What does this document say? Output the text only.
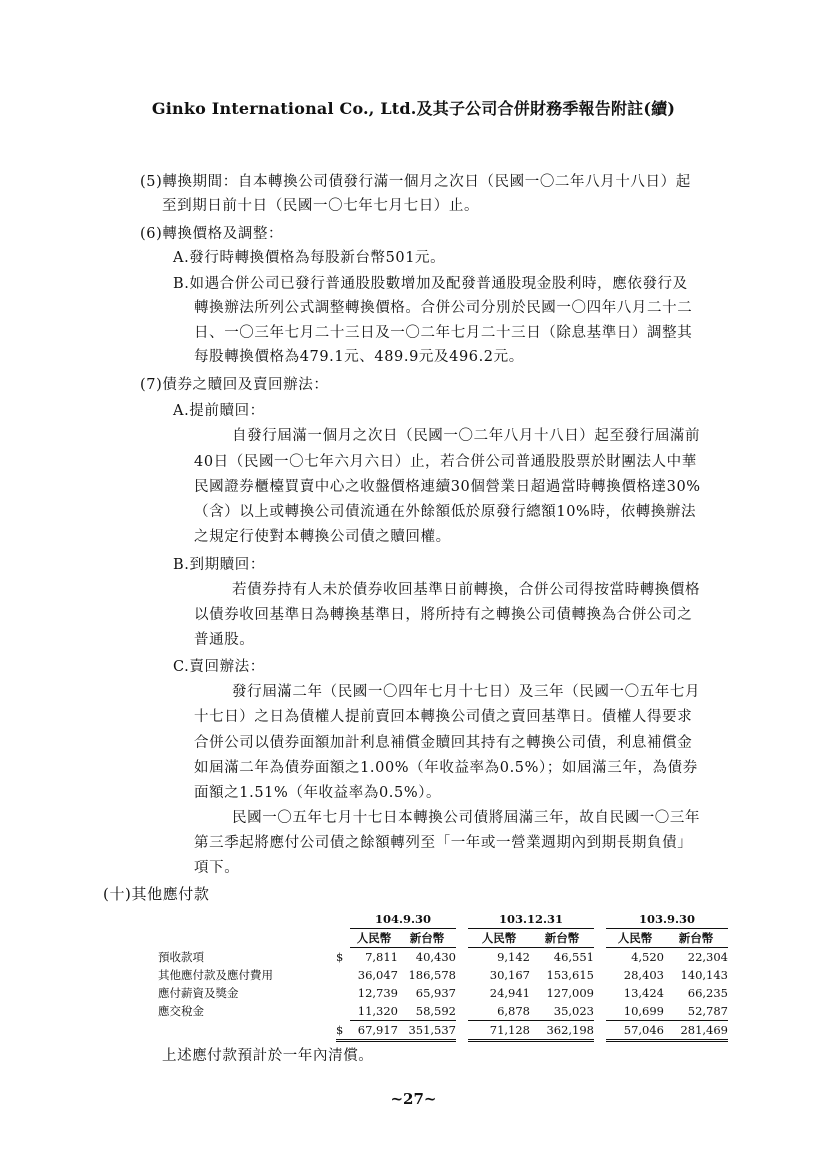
Ginko International Co., Ltd.及其子公司合併財務季報告附註(續)
(5)轉換期間：自本轉換公司債發行滿一個月之次日（民國一〇二年八月十八日）起
至到期日前十日（民國一〇七年七月七日）止。
(6)轉換價格及調整：
A.發行時轉換價格為每股新台幣501元。
B.如遇合併公司已發行普通股股數增加及配發普通股現金股利時，應依發行及
轉換辦法所列公式調整轉換價格。合併公司分別於民國一〇四年八月二十二
日、一〇三年七月二十三日及一〇二年七月二十三日（除息基準日）調整其
每股轉換價格為479.1元、489.9元及496.2元。
(7)債券之贖回及賣回辦法：
A.提前贖回：
自發行屆滿一個月之次日（民國一〇二年八月十八日）起至發行屆滿前
40日（民國一〇七年六月六日）止，若合併公司普通股股票於財團法人中華
民國證券櫃檯買賣中心之收盤價格連續30個營業日超過當時轉換價格達30%
（含）以上或轉換公司債流通在外餘額低於原發行總額10%時，依轉換辦法
之規定行使對本轉換公司債之贖回權。
B.到期贖回：
若債券持有人未於債券收回基準日前轉換，合併公司得按當時轉換價格
以債券收回基準日為轉換基準日，將所持有之轉換公司債轉換為合併公司之
普通股。
C.賣回辦法：
發行屆滿二年（民國一〇四年七月十七日）及三年（民國一〇五年七月
十七日）之日為債權人提前賣回本轉換公司債之賣回基準日。債權人得要求
合併公司以債券面額加計利息補償金贖回其持有之轉換公司債，利息補償金
如屆滿二年為債券面額之1.00%（年收益率為0.5%）；如屆滿三年，為債券
面額之1.51%（年收益率為0.5%）。
民國一〇五年七月十七日本轉換公司債將屆滿三年，故自民國一〇三年
第三季起將應付公司債之餘額轉列至「一年或一營業週期內到期長期負債」
項下。
(十)其他應付款
		104.9.30			103.12.31			103.9.30	
		人民幣	新台幣		人民幣	新台幣		人民幣	新台幣
預收款項	$	7,811	40,430		9,142	46,551		4,520	22,304
其他應付款及應付費用		36,047	186,578		30,167	153,615		28,403	140,143
應付薪資及獎金		12,739	65,937		24,941	127,009		13,424	66,235
應交稅金		11,320	58,592		6,878	35,023		10,699	52,787
	$	67,917	351,537		71,128	362,198		57,046	281,469
上述應付款預計於一年內清償。
~27~
